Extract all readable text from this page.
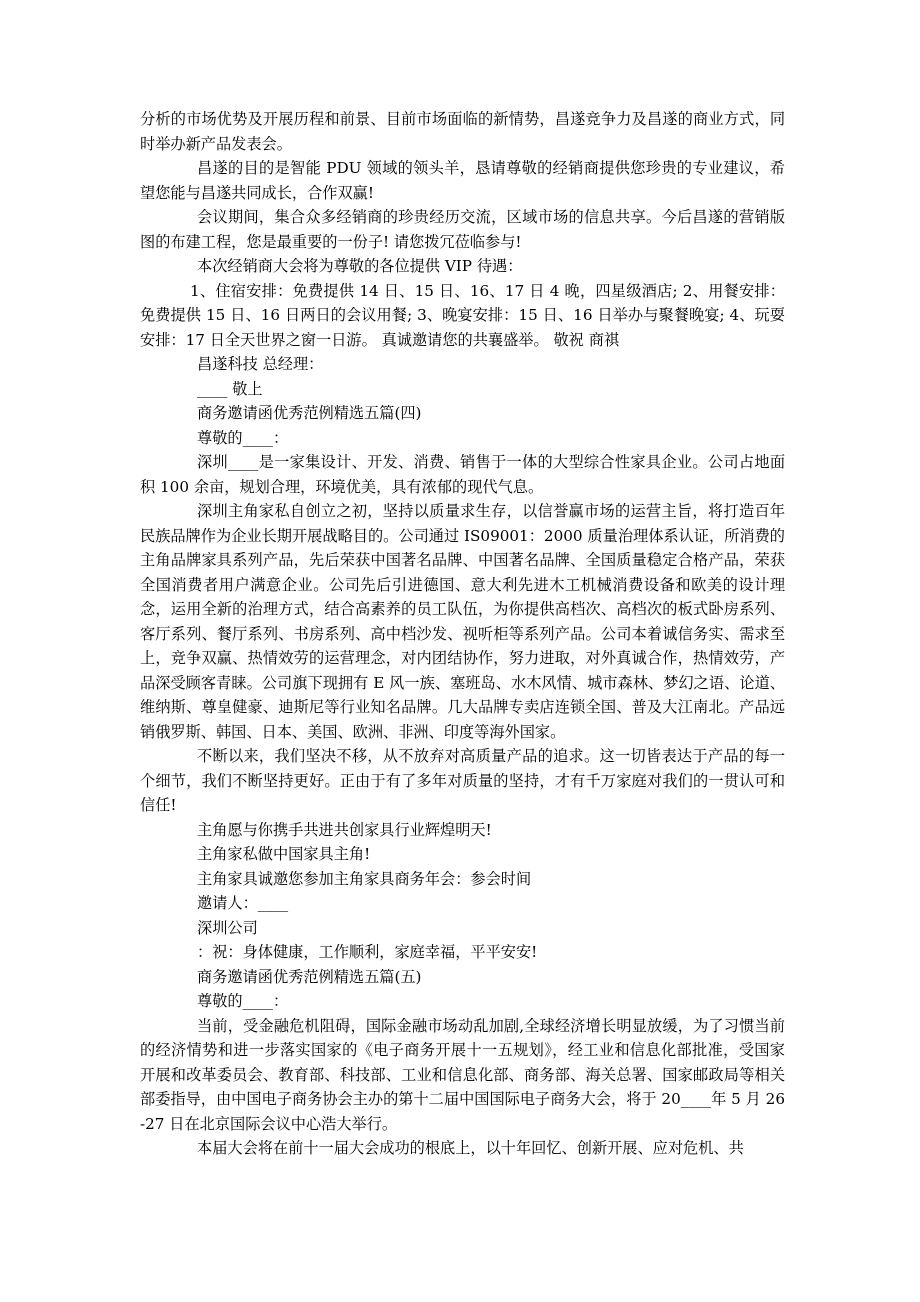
分析的市场优势及开展历程和前景、目前市场面临的新情势，昌遂竞争力及昌遂的商业方式，同时举办新产品发表会。

昌遂的目的是智能 PDU 领域的领头羊，恳请尊敬的经销商提供您珍贵的专业建议，希望您能与昌遂共同成长，合作双赢!

会议期间，集合众多经销商的珍贵经历交流，区域市场的信息共享。今后昌遂的营销版图的布建工程，您是最重要的一份子! 请您拨冗莅临参与!

本次经销商大会将为尊敬的各位提供 VIP 待遇：

1、住宿安排：免费提供 14 日、15 日、16、17 日 4 晚，四星级酒店; 2、用餐安排：免费提供 15 日、16 日两日的会议用餐; 3、晚宴安排：15 日、16 日举办与聚餐晚宴; 4、玩耍安排：17 日全天世界之窗一日游。 真诚邀请您的共襄盛举。 敬祝 商祺

昌遂科技 总经理：

____ 敬上

商务邀请函优秀范例精选五篇(四)

尊敬的____：

深圳____是一家集设计、开发、消费、销售于一体的大型综合性家具企业。公司占地面积 100 余亩，规划合理，环境优美，具有浓郁的现代气息。

深圳主角家私自创立之初，坚持以质量求生存，以信誉赢市场的运营主旨，将打造百年民族品牌作为企业长期开展战略目的。公司通过 IS09001：2000 质量治理体系认证，所消费的主角品牌家具系列产品，先后荣获中国著名品牌、中国著名品牌、全国质量稳定合格产品，荣获全国消费者用户满意企业。公司先后引进德国、意大利先进木工机械消费设备和欧美的设计理念，运用全新的治理方式，结合高素养的员工队伍，为你提供高档次、高档次的板式卧房系列、客厅系列、餐厅系列、书房系列、高中档沙发、视听柜等系列产品。公司本着诚信务实、需求至上，竞争双赢、热情效劳的运营理念，对内团结协作，努力进取，对外真诚合作，热情效劳，产品深受顾客青睐。公司旗下现拥有 E 风一族、塞班岛、水木风情、城市森林、梦幻之语、论道、维纳斯、尊皇健豪、迪斯尼等行业知名品牌。几大品牌专卖店连锁全国、普及大江南北。产品远销俄罗斯、韩国、日本、美国、欧洲、非洲、印度等海外国家。

不断以来，我们坚决不移，从不放弃对高质量产品的追求。这一切皆表达于产品的每一个细节，我们不断坚持更好。正由于有了多年对质量的坚持，才有千万家庭对我们的一贯认可和信任!

主角愿与你携手共进共创家具行业辉煌明天!

主角家私做中国家具主角!

主角家具诚邀您参加主角家具商务年会：参会时间

邀请人：____

深圳公司

：祝：身体健康，工作顺利，家庭幸福，平平安安!

商务邀请函优秀范例精选五篇(五)

尊敬的____：

当前，受金融危机阻碍，国际金融市场动乱加剧,全球经济增长明显放缓，为了习惯当前的经济情势和进一步落实国家的《电子商务开展十一五规划》，经工业和信息化部批准，受国家开展和改革委员会、教育部、科技部、工业和信息化部、商务部、海关总署、国家邮政局等相关部委指导，由中国电子商务协会主办的第十二届中国国际电子商务大会，将于 20____年 5 月 26-27 日在北京国际会议中心浩大举行。

本届大会将在前十一届大会成功的根底上，以十年回忆、创新开展、应对危机、共
